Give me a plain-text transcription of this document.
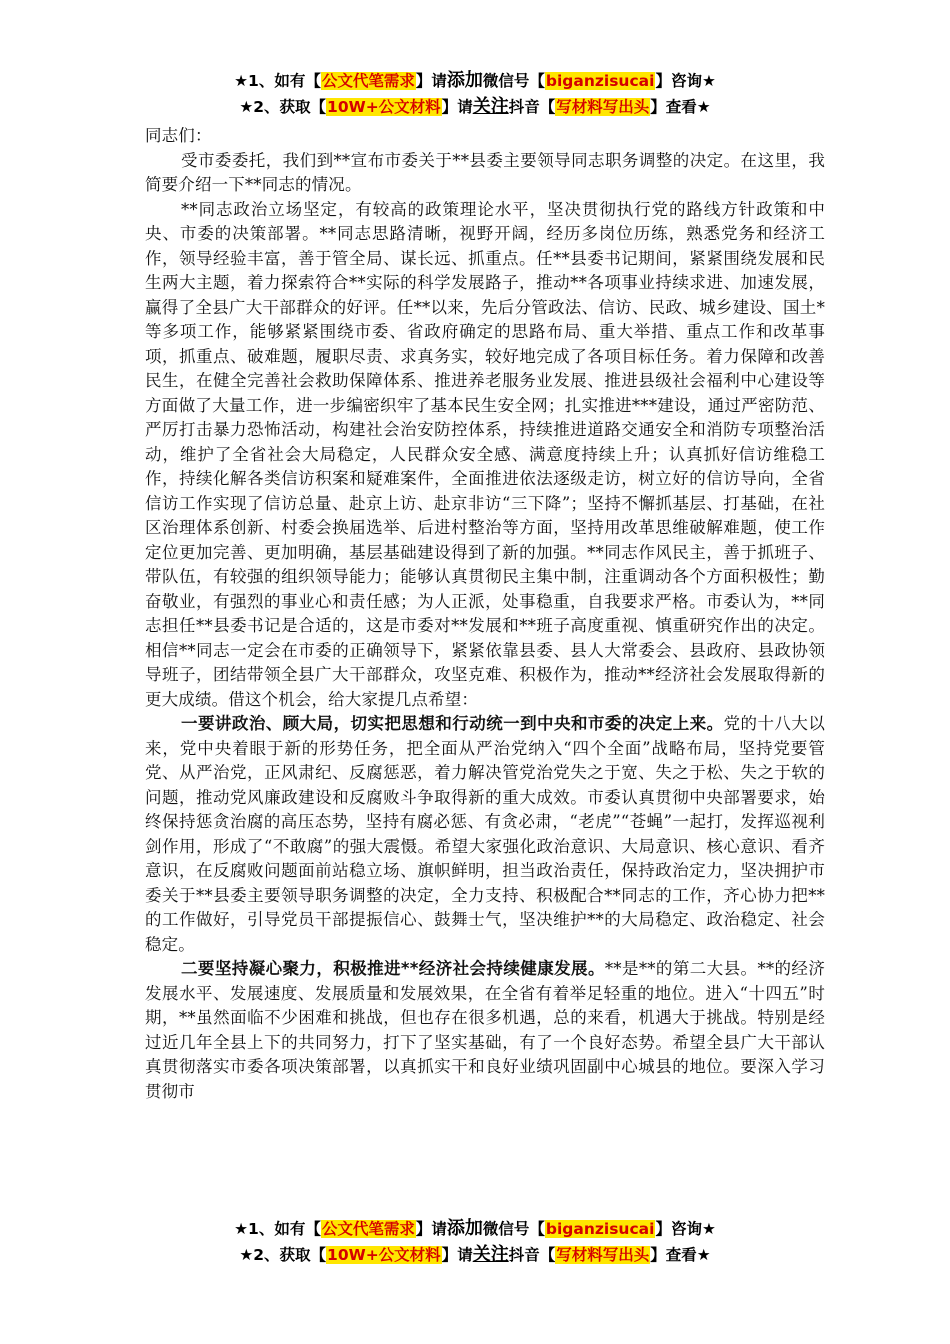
★1、如有【公文代笔需求】请添加微信号【biganzisucai】咨询★
★2、获取【10W+公文材料】请关注抖音【写材料写出头】查看★

同志们：

受市委委托，我们到**宣布市委关于**县委主要领导同志职务调整的决定。在这里，我简要介绍一下**同志的情况。

**同志政治立场坚定，有较高的政策理论水平，坚决贯彻执行党的路线方针政策和中央、市委的决策部署。**同志思路清晰，视野开阔，经历多岗位历练，熟悉党务和经济工作，领导经验丰富，善于管全局、谋长远、抓重点。任**县委书记期间，紧紧围绕发展和民生两大主题，着力探索符合**实际的科学发展路子，推动**各项事业持续求进、加速发展，赢得了全县广大干部群众的好评。任**以来，先后分管政法、信访、民政、城乡建设、国土*等多项工作，能够紧紧围绕市委、省政府确定的思路布局、重大举措、重点工作和改革事项，抓重点、破难题，履职尽责、求真务实，较好地完成了各项目标任务。着力保障和改善民生，在健全完善社会救助保障体系、推进养老服务业发展、推进县级社会福利中心建设等方面做了大量工作，进一步编密织牢了基本民生安全网；扎实推进***建设，通过严密防范、严厉打击暴力恐怖活动，构建社会治安防控体系，持续推进道路交通安全和消防专项整治活动，维护了全省社会大局稳定，人民群众安全感、满意度持续上升；认真抓好信访维稳工作，持续化解各类信访积案和疑难案件，全面推进依法逐级走访，树立好的信访导向，全省信访工作实现了信访总量、赴京上访、赴京非访“三下降”；坚持不懈抓基层、打基础，在社区治理体系创新、村委会换届选举、后进村整治等方面，坚持用改革思维破解难题，使工作定位更加完善、更加明确，基层基础建设得到了新的加强。**同志作风民主，善于抓班子、带队伍，有较强的组织领导能力；能够认真贯彻民主集中制，注重调动各个方面积极性；勤奋敬业，有强烈的事业心和责任感；为人正派，处事稳重，自我要求严格。市委认为，**同志担任**县委书记是合适的，这是市委对**发展和**班子高度重视、慎重研究作出的决定。相信**同志一定会在市委的正确领导下，紧紧依靠县委、县人大常委会、县政府、县政协领导班子，团结带领全县广大干部群众，攻坚克难、积极作为，推动**经济社会发展取得新的更大成绩。借这个机会，给大家提几点希望：

一要讲政治、顾大局，切实把思想和行动统一到中央和市委的决定上来。党的十八大以来，党中央着眼于新的形势任务，把全面从严治党纳入“四个全面”战略布局，坚持党要管党、从严治党，正风肃纪、反腐惩恶，着力解决管党治党失之于宽、失之于松、失之于软的问题，推动党风廉政建设和反腐败斗争取得新的重大成效。市委认真贯彻中央部署要求，始终保持惩贪治腐的高压态势，坚持有腐必惩、有贪必肃，“老虎”“苍蝇”一起打，发挥巡视利剑作用，形成了“不敢腐”的强大震慑。希望大家强化政治意识、大局意识、核心意识、看齐意识，在反腐败问题面前站稳立场、旗帜鲜明，担当政治责任，保持政治定力，坚决拥护市委关于**县委主要领导职务调整的决定，全力支持、积极配合**同志的工作，齐心协力把**的工作做好，引导党员干部提振信心、鼓舞士气，坚决维护**的大局稳定、政治稳定、社会稳定。

二要坚持凝心聚力，积极推进**经济社会持续健康发展。**是**的第二大县。**的经济发展水平、发展速度、发展质量和发展效果，在全省有着举足轻重的地位。进入“十四五”时期，**虽然面临不少困难和挑战，但也存在很多机遇，总的来看，机遇大于挑战。特别是经过近几年全县上下的共同努力，打下了坚实基础，有了一个良好态势。希望全县广大干部认真贯彻落实市委各项决策部署，以真抓实干和良好业绩巩固副中心城县的地位。要深入学习贯彻市

★1、如有【公文代笔需求】请添加微信号【biganzisucai】咨询★
★2、获取【10W+公文材料】请关注抖音【写材料写出头】查看★
